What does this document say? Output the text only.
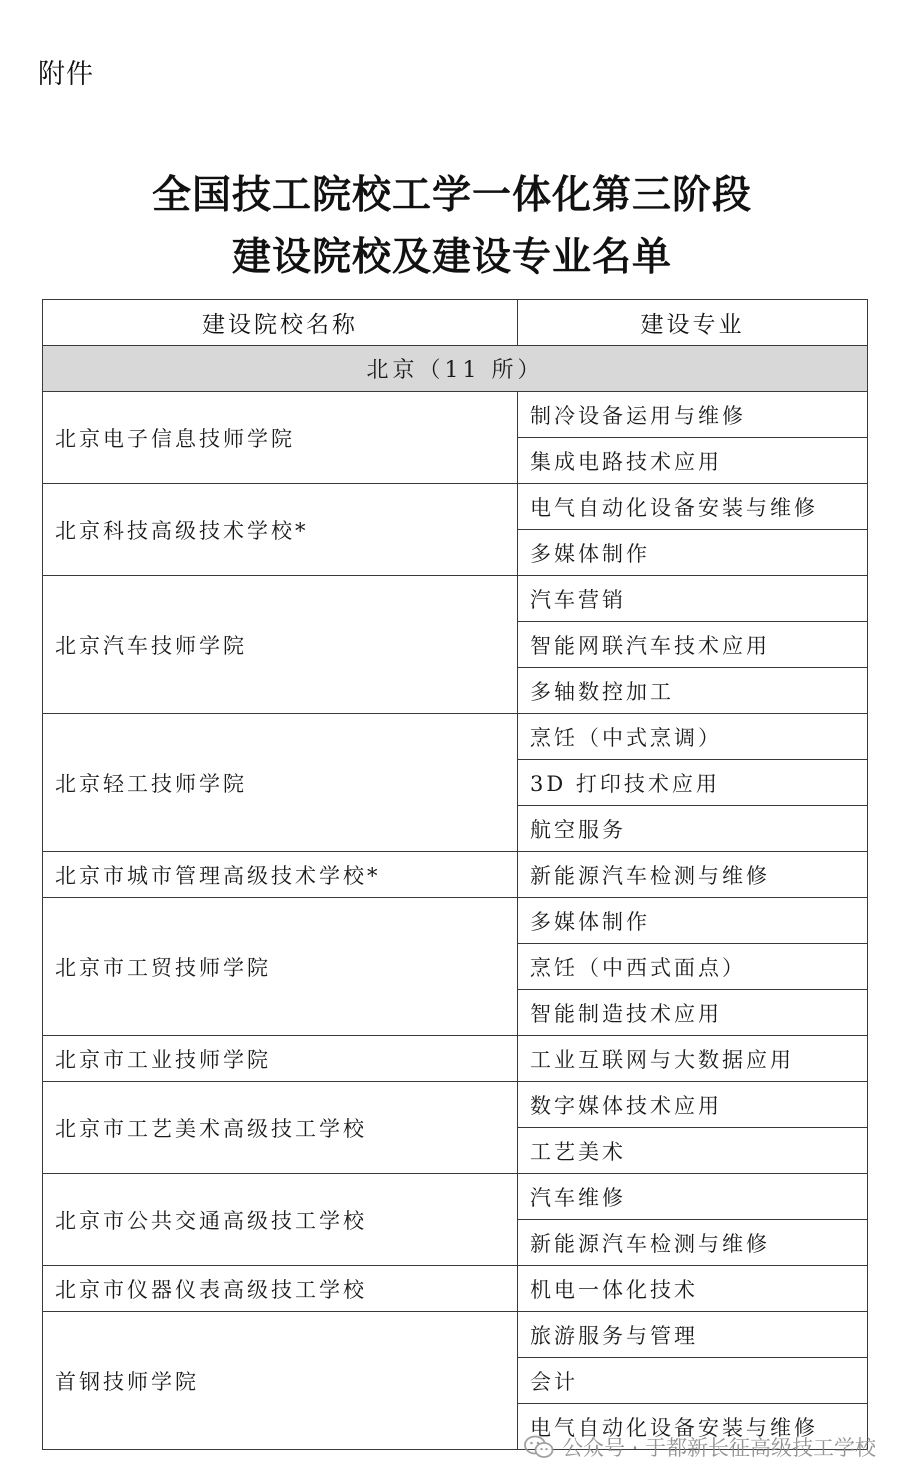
附件
全国技工院校工学一体化第三阶段
建设院校及建设专业名单
建设院校名称	建设专业
北京（11 所）	
北京电子信息技师学院	制冷设备运用与维修
	集成电路技术应用
北京科技高级技术学校*	电气自动化设备安装与维修
	多媒体制作
北京汽车技师学院	汽车营销
	智能网联汽车技术应用
	多轴数控加工
北京轻工技师学院	烹饪（中式烹调）
	3D 打印技术应用
	航空服务
北京市城市管理高级技术学校*	新能源汽车检测与维修
北京市工贸技师学院	多媒体制作
	烹饪（中西式面点）
	智能制造技术应用
北京市工业技师学院	工业互联网与大数据应用
北京市工艺美术高级技工学校	数字媒体技术应用
	工艺美术
北京市公共交通高级技工学校	汽车维修
	新能源汽车检测与维修
北京市仪器仪表高级技工学校	机电一体化技术
首钢技师学院	旅游服务与管理
	会计
	电气自动化设备安装与维修
公众号 · 于都新长征高级技工学校
